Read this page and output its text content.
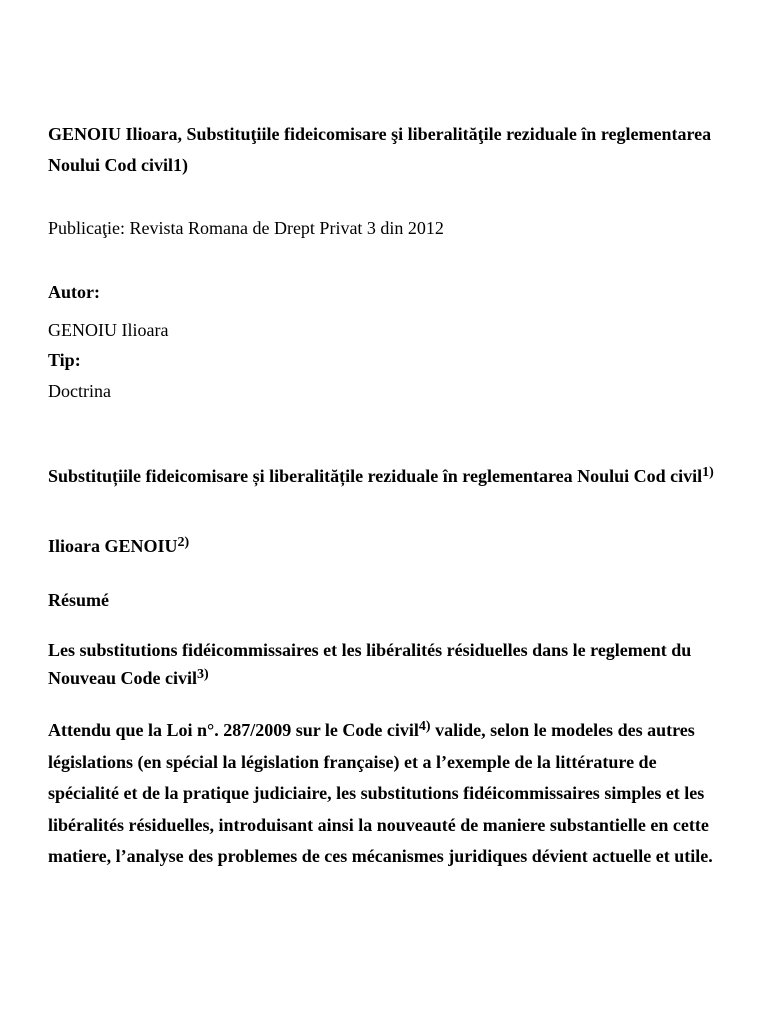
GENOIU Ilioara, Substituţiile fideicomisare şi liberalităţile reziduale în reglementarea Noului Cod civil1)

Publicaţie: Revista Romana de Drept Privat 3 din 2012

Autor:

GENOIU Ilioara

Tip:

Doctrina

Substituțiile fideicomisare și liberalitățile reziduale în reglementarea Noului Cod civil$^{1)}$

Ilioara GENOIU$^{2)}$

Résumé

Les substitutions fidéicommissaires et les libéralités résiduelles dans le reglement du Nouveau Code civil$^{3)}$

Attendu que la Loi n°. 287/2009 sur le Code civil$^{4)}$ valide, selon le modeles des autres législations (en spécial la législation française) et a l’exemple de la littérature de spécialité et de la pratique judiciaire, les substitutions fidéicommissaires simples et les libéralités résiduelles, introduisant ainsi la nouveauté de maniere substantielle en cette matiere, l’analyse des problemes de ces mécanismes juridiques dévient actuelle et utile.
